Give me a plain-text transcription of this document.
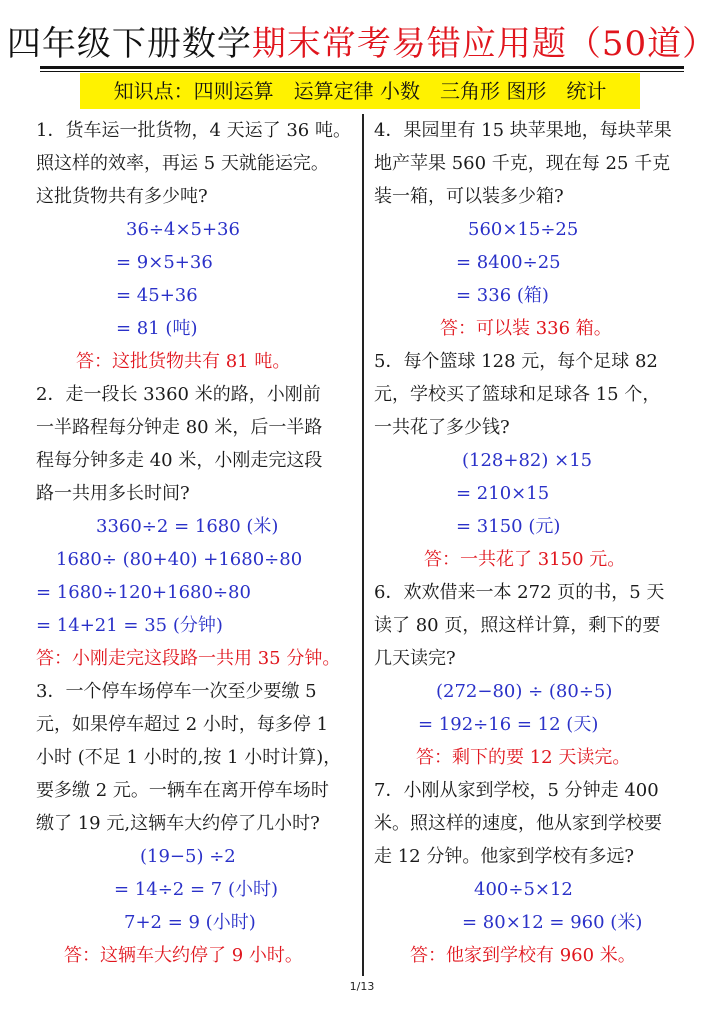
四年级下册数学期末常考易错应用题（50道）
知识点：四则运算　运算定律 小数　三角形 图形　统计
1．货车运一批货物，4 天运了 36 吨。
照这样的效率，再运 5 天就能运完。
这批货物共有多少吨?
36÷4×5+36
= 9×5+36
= 45+36
= 81 (吨)
答：这批货物共有 81 吨。
2．走一段长 3360 米的路，小刚前
一半路程每分钟走 80 米，后一半路
程每分钟多走 40 米，小刚走完这段
路一共用多长时间?
3360÷2 = 1680 (米)
1680÷ (80+40) +1680÷80
= 1680÷120+1680÷80
= 14+21 = 35 (分钟)
答：小刚走完这段路一共用 35 分钟。
3．一个停车场停车一次至少要缴 5
元，如果停车超过 2 小时，每多停 1
小时 (不足 1 小时的,按 1 小时计算)，
要多缴 2 元。一辆车在离开停车场时
缴了 19 元,这辆车大约停了几小时?
(19−5) ÷2
= 14÷2 = 7 (小时)
7+2 = 9 (小时)
答：这辆车大约停了 9 小时。
4．果园里有 15 块苹果地，每块苹果
地产苹果 560 千克，现在每 25 千克
装一箱，可以装多少箱?
560×15÷25
= 8400÷25
= 336 (箱)
答：可以装 336 箱。
5．每个篮球 128 元，每个足球 82
元，学校买了篮球和足球各 15 个，
一共花了多少钱?
(128+82) ×15
= 210×15
= 3150 (元)
答：一共花了 3150 元。
6．欢欢借来一本 272 页的书，5 天
读了 80 页，照这样计算，剩下的要
几天读完?
(272−80) ÷ (80÷5)
= 192÷16 = 12 (天)
答：剩下的要 12 天读完。
7．小刚从家到学校，5 分钟走 400
米。照这样的速度，他从家到学校要
走 12 分钟。他家到学校有多远?
400÷5×12
= 80×12 = 960 (米)
答：他家到学校有 960 米。
1/13
